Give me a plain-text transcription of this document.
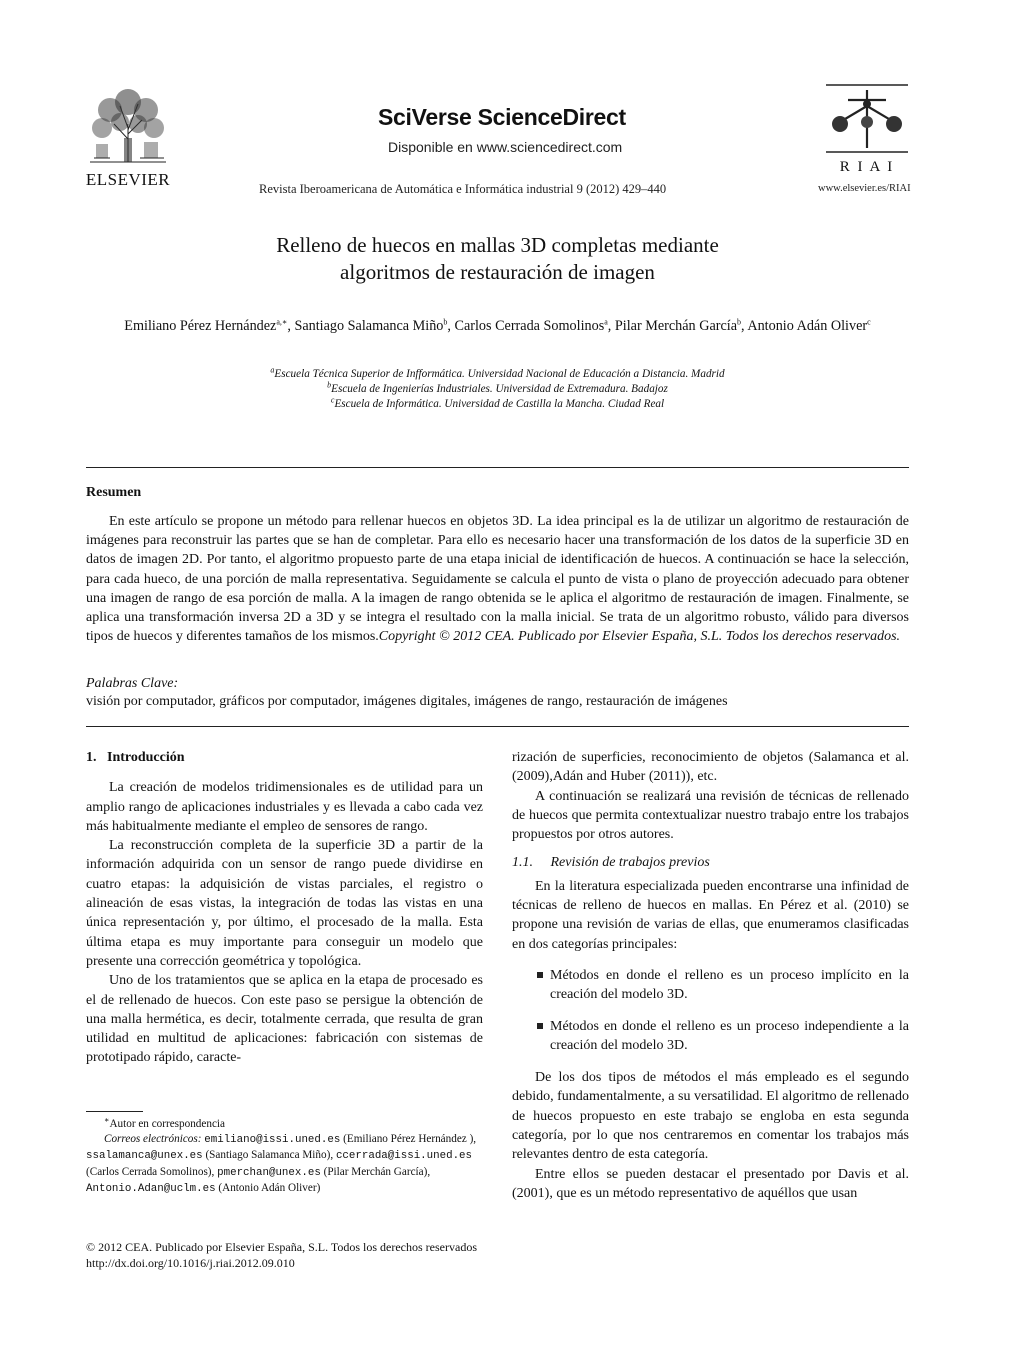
ELSEVIER
SciVerse ScienceDirect
Disponible en www.sciencedirect.com
Revista Iberoamericana de Automática e Informática industrial 9 (2012) 429–440
R I A I
www.elsevier.es/RIAI
Relleno de huecos en mallas 3D completas mediante
algoritmos de restauración de imagen
Emiliano Pérez Hernández$^{a,∗}$, Santiago Salamanca Miño$^b$, Carlos Cerrada Somolinos$^a$, Pilar Merchán García$^b$, Antonio Adán Oliver$^c$
$^a$Escuela Técnica Superior de Infformática. Universidad Nacional de Educación a Distancia. Madrid
$^b$Escuela de Ingenierías Industriales. Universidad de Extremadura. Badajoz
$^c$Escuela de Informática. Universidad de Castilla la Mancha. Ciudad Real
Resumen

En este artículo se propone un método para rellenar huecos en objetos 3D. La idea principal es la de utilizar un algoritmo de restauración de imágenes para reconstruir las partes que se han de completar. Para ello es necesario hacer una transformación de los datos de la superficie 3D en datos de imagen 2D. Por tanto, el algoritmo propuesto parte de una etapa inicial de identificación de huecos. A continuación se hace la selección, para cada hueco, de una porción de malla representativa. Seguidamente se calcula el punto de vista o plano de proyección adecuado para obtener una imagen de rango de esa porción de malla. A la imagen de rango obtenida se le aplica el algoritmo de restauración de imagen. Finalmente, se aplica una transformación inversa 2D a 3D y se integra el resultado con la malla inicial. Se trata de un algoritmo robusto, válido para diversos tipos de huecos y diferentes tamaños de los mismos.Copyright © 2012 CEA. Publicado por Elsevier España, S.L. Todos los derechos reservados.

Palabras Clave:
visión por computador, gráficos por computador, imágenes digitales, imágenes de rango, restauración de imágenes
1.   Introducción

La creación de modelos tridimensionales es de utilidad para un amplio rango de aplicaciones industriales y es llevada a cabo cada vez más habitualmente mediante el empleo de sensores de rango.

La reconstrucción completa de la superficie 3D a partir de la información adquirida con un sensor de rango puede dividirse en cuatro etapas: la adquisición de vistas parciales, el registro o alineación de esas vistas, la integración de todas las vistas en una única representación y, por último, el procesado de la malla. Esta última etapa es muy importante para conseguir un modelo que presente una corrección geométrica y topológica.

Uno de los tratamientos que se aplica en la etapa de procesado es el de rellenado de huecos. Con este paso se persigue la obtención de una malla hermética, es decir, totalmente cerrada, que resulta de gran utilidad en multitud de aplicaciones: fabricación con sistemas de prototipado rápido, caracte-

∗Autor en correspondencia
Correos electrónicos: emiliano@issi.uned.es (Emiliano Pérez Hernández ), ssalamanca@unex.es (Santiago Salamanca Miño), ccerrada@issi.uned.es (Carlos Cerrada Somolinos), pmerchan@unex.es (Pilar Merchán García), Antonio.Adan@uclm.es (Antonio Adán Oliver)

rización de superficies, reconocimiento de objetos (Salamanca et al. (2009),Adán and Huber (2011)), etc.

A continuación se realizará una revisión de técnicas de rellenado de huecos que permita contextualizar nuestro trabajo entre los trabajos propuestos por otros autores.

1.1.     Revisión de trabajos previos

En la literatura especializada pueden encontrarse una infinidad de técnicas de relleno de huecos en mallas. En Pérez et al. (2010) se propone una revisión de varias de ellas, que enumeramos clasificadas en dos categorías principales:

Métodos en donde el relleno es un proceso implícito en la creación del modelo 3D.
Métodos en donde el relleno es un proceso independiente a la creación del modelo 3D.

De los dos tipos de métodos el más empleado es el segundo debido, fundamentalmente, a su versatilidad. El algoritmo de rellenado de huecos propuesto en este trabajo se engloba en esta segunda categoría, por lo que nos centraremos en comentar los trabajos más relevantes dentro de esta categoría.

Entre ellos se pueden destacar el presentado por Davis et al. (2001), que es un método representativo de aquéllos que usan

© 2012 CEA. Publicado por Elsevier España, S.L. Todos los derechos reservados
http://dx.doi.org/10.1016/j.riai.2012.09.010
